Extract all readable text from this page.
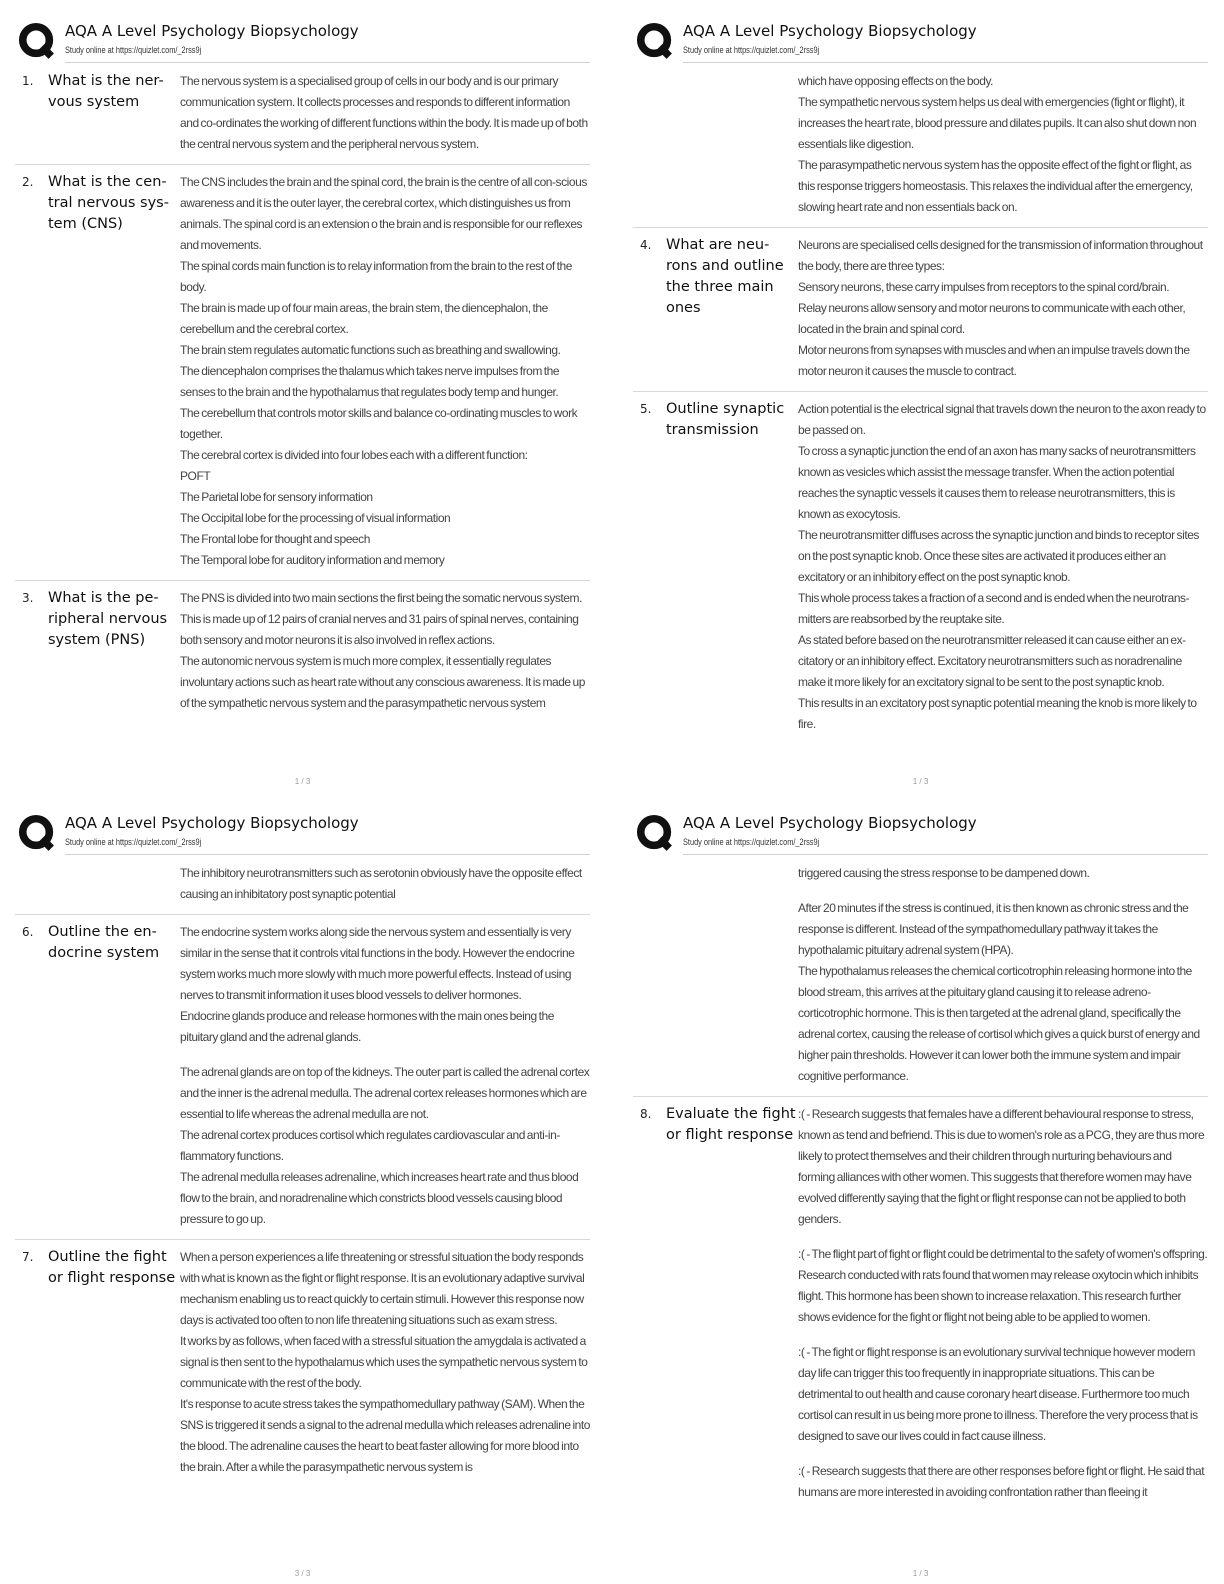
AQA A Level Psychology Biopsychology
Study online at https://quizlet.com/_2rss9j
1.	What is the ner-vous system

The nervous system is a specialised group of cells in our body and is our primary communication system. It collects processes and responds to different information and co-ordinates the working of different functions within the body. It is made up of both the central nervous system and the peripheral nervous system.

2.	What is the cen-tral nervous sys-tem (CNS)

The CNS includes the brain and the spinal cord, the brain is the centre of all con-scious awareness and it is the outer layer, the cerebral cortex, which distinguishes us from animals. The spinal cord is an extension o the brain and is responsible for our reflexes and movements.

The spinal cords main function is to relay information from the brain to the rest of the body.

The brain is made up of four main areas, the brain stem, the diencephalon, the cerebellum and the cerebral cortex.

The brain stem regulates automatic functions such as breathing and swallowing.

The diencephalon comprises the thalamus which takes nerve impulses from the senses to the brain and the hypothalamus that regulates body temp and hunger.

The cerebellum that controls motor skills and balance co-ordinating muscles to work together.

The cerebral cortex is divided into four lobes each with a different function:

POFT

The Parietal lobe for sensory information

The Occipital lobe for the processing of visual information

The Frontal lobe for thought and speech

The Temporal lobe for auditory information and memory

3.	What is the pe-ripheral nervous system (PNS)

The PNS is divided into two main sections the first being the somatic nervous system.

This is made up of 12 pairs of cranial nerves and 31 pairs of spinal nerves, containing both sensory and motor neurons it is also involved in reflex actions.

The autonomic nervous system is much more complex, it essentially regulates involuntary actions such as heart rate without any conscious awareness. It is made up of the sympathetic nervous system and the parasympathetic nervous system

1 / 3
AQA A Level Psychology Biopsychology
Study online at https://quizlet.com/_2rss9j

which have opposing effects on the body.

The sympathetic nervous system helps us deal with emergencies (fight or flight), it increases the heart rate, blood pressure and dilates pupils. It can also shut down non essentials like digestion.

The parasympathetic nervous system has the opposite effect of the fight or flight, as this response triggers homeostasis. This relaxes the individual after the emergency, slowing heart rate and non essentials back on.

4.	What are neu-rons and outline the three main ones

Neurons are specialised cells designed for the transmission of information throughout the body, there are three types:

Sensory neurons, these carry impulses from receptors to the spinal cord/brain.

Relay neurons allow sensory and motor neurons to communicate with each other, located in the brain and spinal cord.

Motor neurons from synapses with muscles and when an impulse travels down the motor neuron it causes the muscle to contract.

5.	Outline synaptic transmission

Action potential is the electrical signal that travels down the neuron to the axon ready to be passed on.

To cross a synaptic junction the end of an axon has many sacks of neurotransmitters known as vesicles which assist the message transfer. When the action potential reaches the synaptic vessels it causes them to release neurotransmitters, this is known as exocytosis.

The neurotransmitter diffuses across the synaptic junction and binds to receptor sites on the post synaptic knob. Once these sites are activated it produces either an excitatory or an inhibitory effect on the post synaptic knob.

This whole process takes a fraction of a second and is ended when the neurotrans-mitters are reabsorbed by the reuptake site.

As stated before based on the neurotransmitter released it can cause either an ex-citatory or an inhibitory effect. Excitatory neurotransmitters such as noradrenaline make it more likely for an excitatory signal to be sent to the post synaptic knob.

This results in an excitatory post synaptic potential meaning the knob is more likely to fire.

1 / 3
AQA A Level Psychology Biopsychology
Study online at https://quizlet.com/_2rss9j

The inhibitory neurotransmitters such as serotonin obviously have the opposite effect causing an inhibitatory post synaptic potential

6.	Outline the en-docrine system

The endocrine system works along side the nervous system and essentially is very similar in the sense that it controls vital functions in the body. However the endocrine system works much more slowly with much more powerful effects. Instead of using nerves to transmit information it uses blood vessels to deliver hormones.

Endocrine glands produce and release hormones with the main ones being the pituitary gland and the adrenal glands.

The adrenal glands are on top of the kidneys. The outer part is called the adrenal cortex and the inner is the adrenal medulla. The adrenal cortex releases hormones which are essential to life whereas the adrenal medulla are not.

The adrenal cortex produces cortisol which regulates cardiovascular and anti-in-flammatory functions.

The adrenal medulla releases adrenaline, which increases heart rate and thus blood flow to the brain, and noradrenaline which constricts blood vessels causing blood pressure to go up.

7.	Outline the fight or flight response

When a person experiences a life threatening or stressful situation the body responds with what is known as the fight or flight response. It is an evolutionary adaptive survival mechanism enabling us to react quickly to certain stimuli. However this response now days is activated too often to non life threatening situations such as exam stress.

It works by as follows, when faced with a stressful situation the amygdala is activated a signal is then sent to the hypothalamus which uses the sympathetic nervous system to communicate with the rest of the body.

It's response to acute stress takes the sympathomedullary pathway (SAM). When the SNS is triggered it sends a signal to the adrenal medulla which releases adrenaline into the blood. The adrenaline causes the heart to beat faster allowing for more blood into the brain. After a while the parasympathetic nervous system is

3 / 3
AQA A Level Psychology Biopsychology
Study online at https://quizlet.com/_2rss9j

triggered causing the stress response to be dampened down.

After 20 minutes if the stress is continued, it is then known as chronic stress and the response is different. Instead of the sympathomedullary pathway it takes the hypothalamic pituitary adrenal system (HPA).

The hypothalamus releases the chemical corticotrophin releasing hormone into the blood stream, this arrives at the pituitary gland causing it to release adreno-corticotrophic hormone. This is then targeted at the adrenal gland, specifically the adrenal cortex, causing the release of cortisol which gives a quick burst of energy and higher pain thresholds. However it can lower both the immune system and impair cognitive performance.

8.	Evaluate the fight or flight response

:( - Research suggests that females have a different behavioural response to stress, known as tend and befriend. This is due to women's role as a PCG, they are thus more likely to protect themselves and their children through nurturing behaviours and forming alliances with other women. This suggests that therefore women may have evolved differently saying that the fight or flight response can not be applied to both genders.

:( - The flight part of fight or flight could be detrimental to the safety of women's offspring. Research conducted with rats found that women may release oxytocin which inhibits flight. This hormone has been shown to increase relaxation. This research further shows evidence for the fight or flight not being able to be applied to women.

:( - The fight or flight response is an evolutionary survival technique however modern day life can trigger this too frequently in inappropriate situations. This can be detrimental to out health and cause coronary heart disease. Furthermore too much cortisol can result in us being more prone to illness. Therefore the very process that is designed to save our lives could in fact cause illness.

:( - Research suggests that there are other responses before fight or flight. He said that humans are more interested in avoiding confrontation rather than fleeing it

1 / 3
